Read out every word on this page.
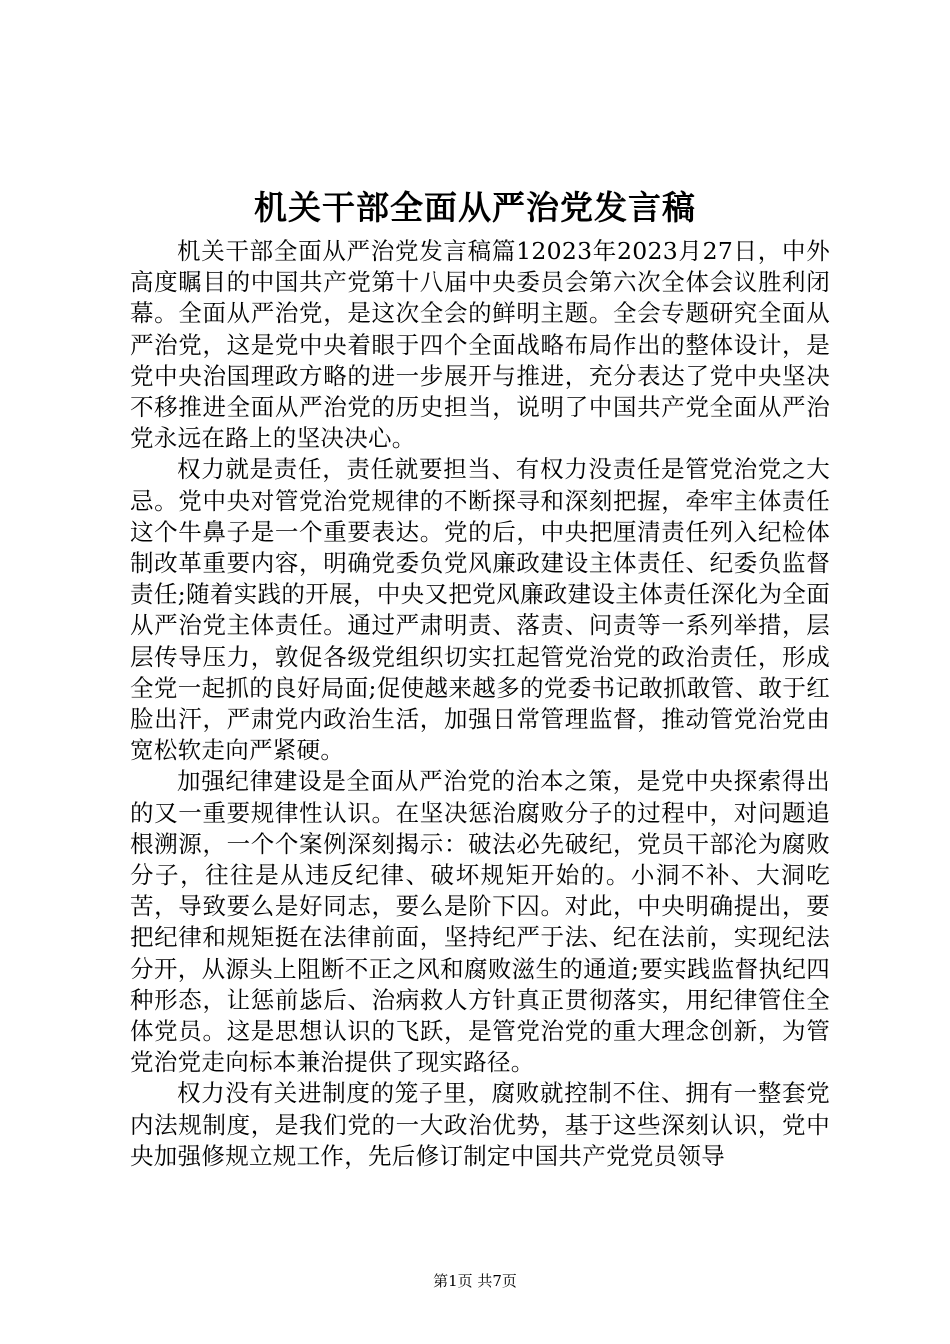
机关干部全面从严治党发言稿

机关干部全面从严治党发言稿篇12023年2023月27日，中外高度瞩目的中国共产党第十八届中央委员会第六次全体会议胜利闭幕。全面从严治党，是这次全会的鲜明主题。全会专题研究全面从严治党，这是党中央着眼于四个全面战略布局作出的整体设计，是党中央治国理政方略的进一步展开与推进，充分表达了党中央坚决不移推进全面从严治党的历史担当，说明了中国共产党全面从严治党永远在路上的坚决决心。

权力就是责任，责任就要担当、有权力没责任是管党治党之大忌。党中央对管党治党规律的不断探寻和深刻把握，牵牢主体责任这个牛鼻子是一个重要表达。党的后，中央把厘清责任列入纪检体制改革重要内容，明确党委负党风廉政建设主体责任、纪委负监督责任;随着实践的开展，中央又把党风廉政建设主体责任深化为全面从严治党主体责任。通过严肃明责、落责、问责等一系列举措，层层传导压力，敦促各级党组织切实扛起管党治党的政治责任，形成全党一起抓的良好局面;促使越来越多的党委书记敢抓敢管、敢于红脸出汗，严肃党内政治生活，加强日常管理监督，推动管党治党由宽松软走向严紧硬。

加强纪律建设是全面从严治党的治本之策，是党中央探索得出的又一重要规律性认识。在坚决惩治腐败分子的过程中，对问题追根溯源，一个个案例深刻揭示：破法必先破纪，党员干部沦为腐败分子，往往是从违反纪律、破坏规矩开始的。小洞不补、大洞吃苦，导致要么是好同志，要么是阶下囚。对此，中央明确提出，要把纪律和规矩挺在法律前面，坚持纪严于法、纪在法前，实现纪法分开，从源头上阻断不正之风和腐败滋生的通道;要实践监督执纪四种形态，让惩前毖后、治病救人方针真正贯彻落实，用纪律管住全体党员。这是思想认识的飞跃，是管党治党的重大理念创新，为管党治党走向标本兼治提供了现实路径。

权力没有关进制度的笼子里，腐败就控制不住、拥有一整套党内法规制度，是我们党的一大政治优势，基于这些深刻认识，党中央加强修规立规工作，先后修订制定中国共产党党员领导

第1页 共7页
